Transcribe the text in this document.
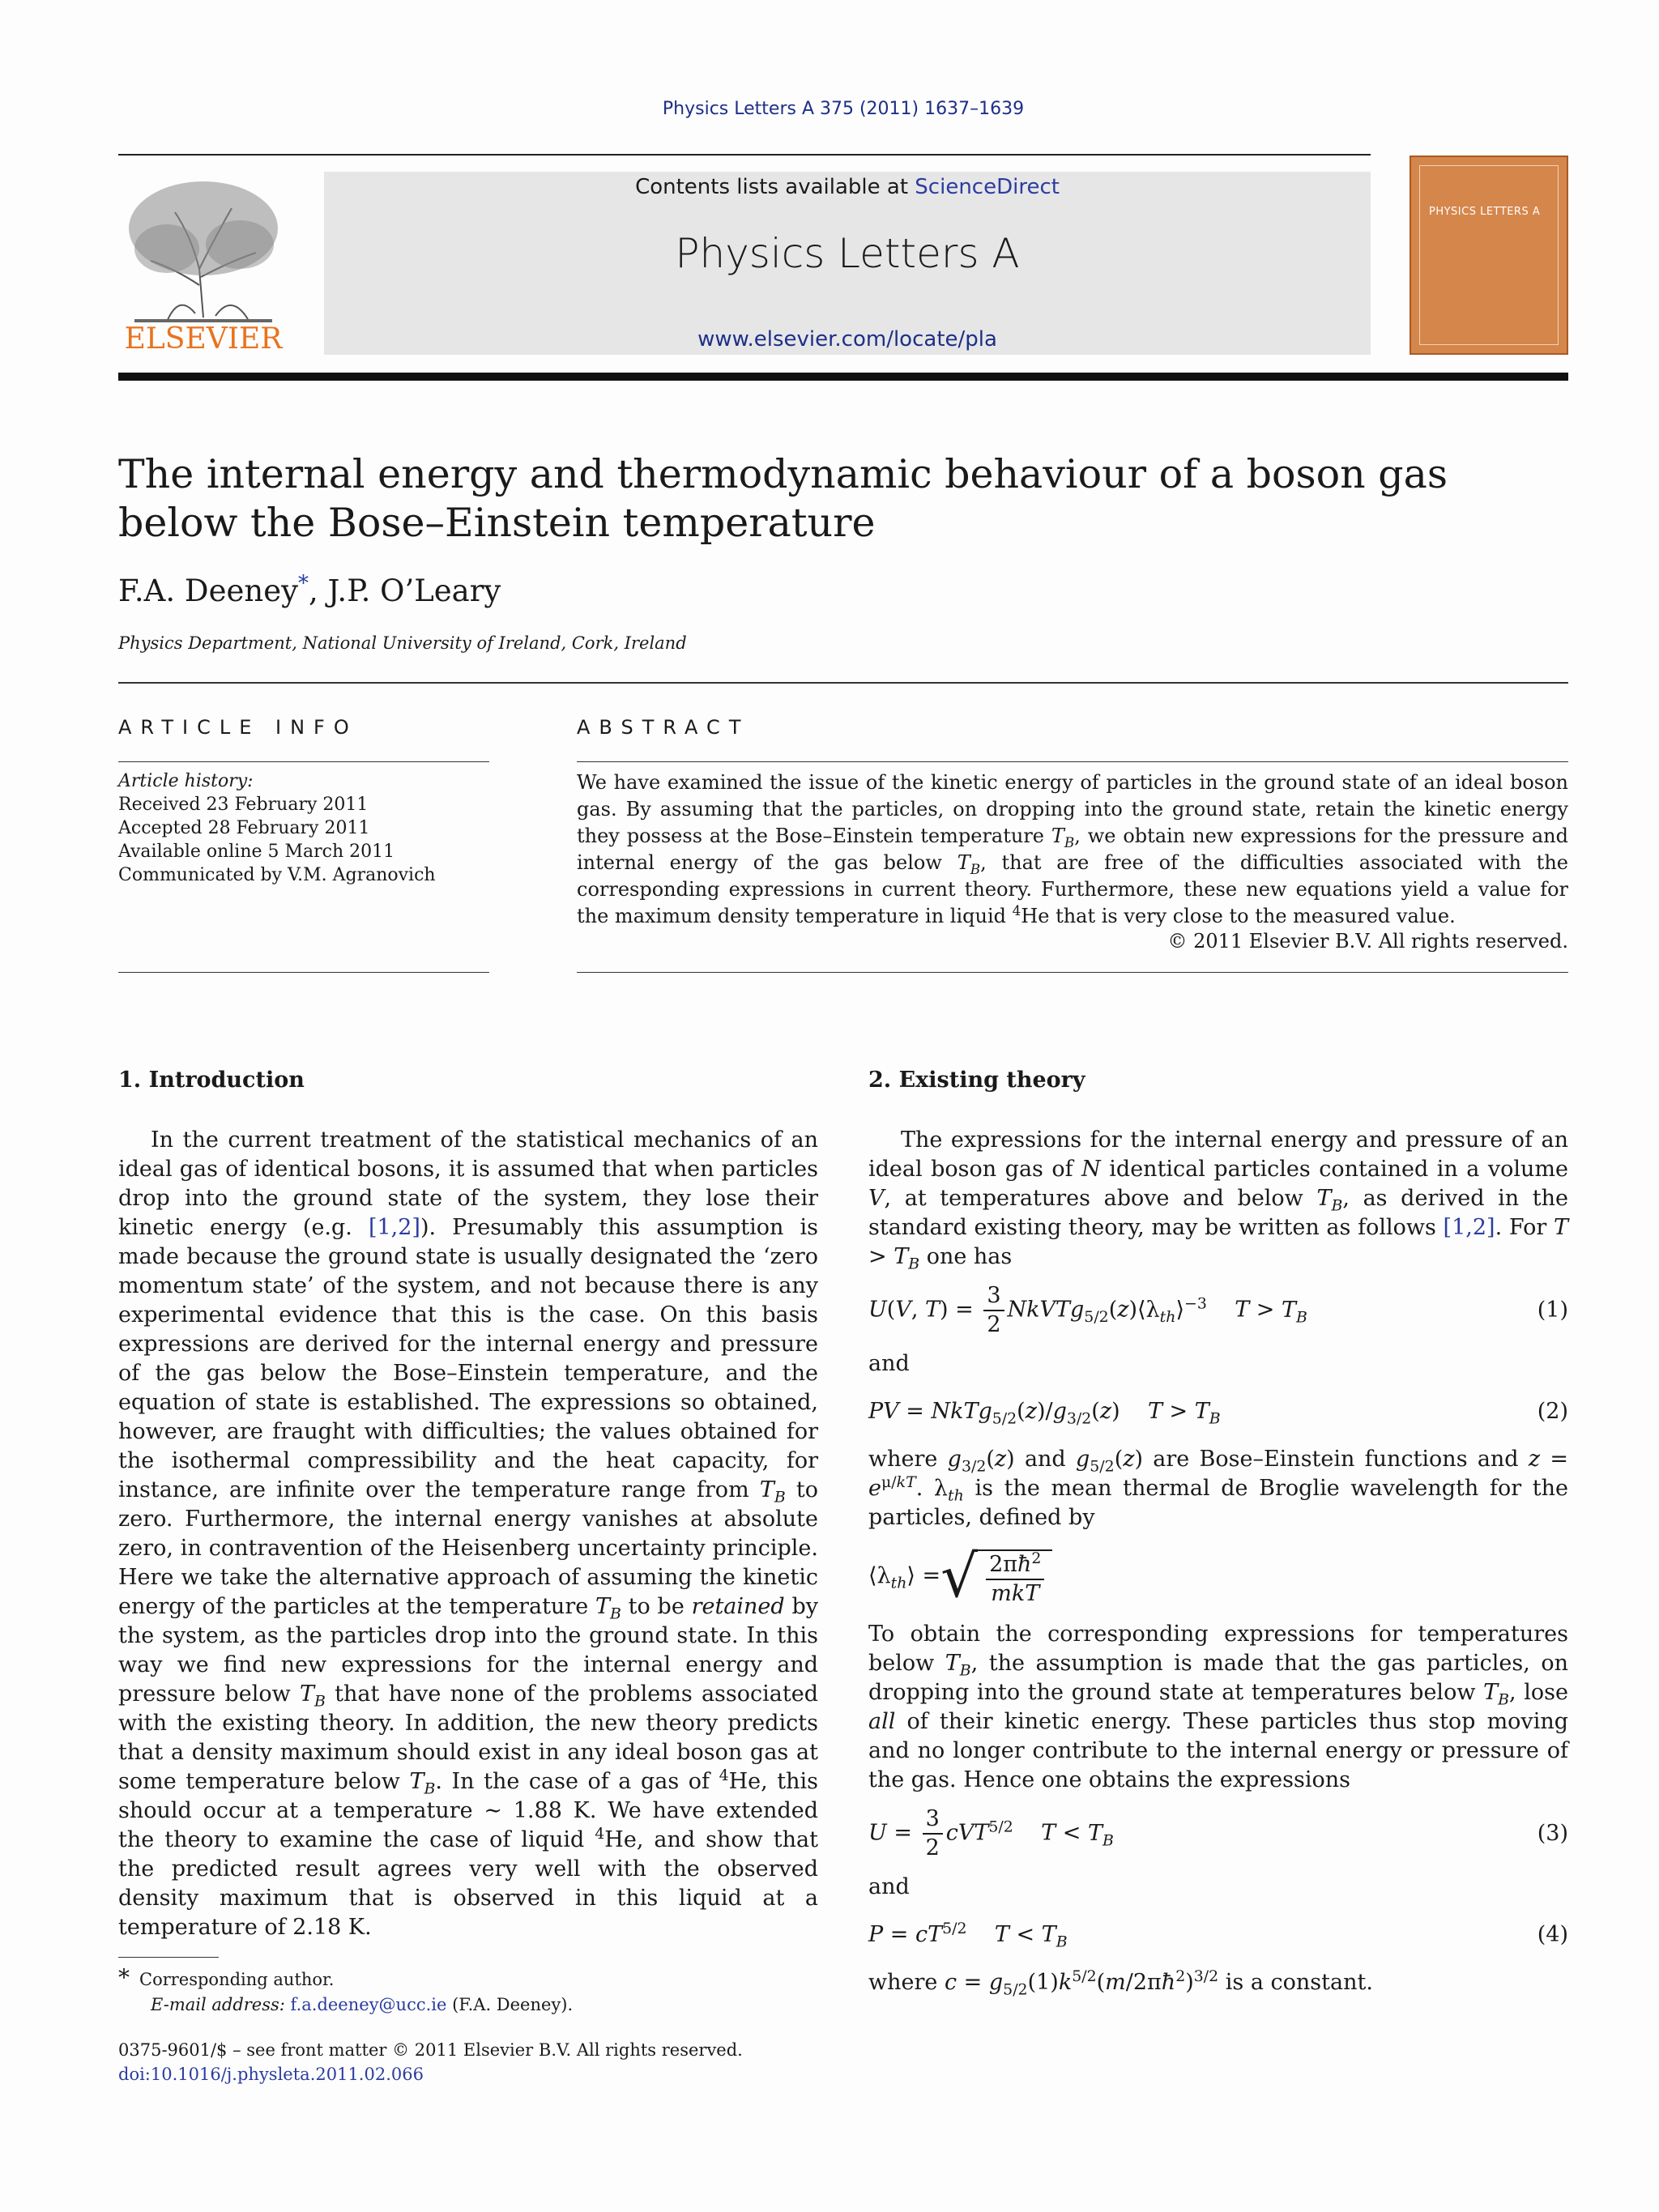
Physics Letters A 375 (2011) 1637–1639
ELSEVIER
Contents lists available at ScienceDirect
Physics Letters A
www.elsevier.com/locate/pla
PHYSICS LETTERS A
The internal energy and thermodynamic behaviour of a boson gas below the Bose–Einstein temperature
F.A. Deeney*, J.P. O’Leary
Physics Department, National University of Ireland, Cork, Ireland
ARTICLE INFO	ABSTRACT
Article history:
Received 23 February 2011
Accepted 28 February 2011
Available online 5 March 2011
Communicated by V.M. Agranovich
We have examined the issue of the kinetic energy of particles in the ground state of an ideal boson gas. By assuming that the particles, on dropping into the ground state, retain the kinetic energy they possess at the Bose–Einstein temperature $T_B$, we obtain new expressions for the pressure and internal energy of the gas below $T_B$, that are free of the difficulties associated with the corresponding expressions in current theory. Furthermore, these new equations yield a value for the maximum density temperature in liquid $^4$He that is very close to the measured value.
© 2011 Elsevier B.V. All rights reserved.
1. Introduction

In the current treatment of the statistical mechanics of an ideal gas of identical bosons, it is assumed that when particles drop into the ground state of the system, they lose their kinetic energy (e.g. [1,2]). Presumably this assumption is made because the ground state is usually designated the ‘zero momentum state’ of the system, and not because there is any experimental evidence that this is the case. On this basis expressions are derived for the internal energy and pressure of the gas below the Bose–Einstein temperature, and the equation of state is established. The expressions so obtained, however, are fraught with difficulties; the values obtained for the isothermal compressibility and the heat capacity, for instance, are infinite over the temperature range from $T_B$ to zero. Furthermore, the internal energy vanishes at absolute zero, in contravention of the Heisenberg uncertainty principle. Here we take the alternative approach of assuming the kinetic energy of the particles at the temperature $T_B$ to be retained by the system, as the particles drop into the ground state. In this way we find new expressions for the internal energy and pressure below $T_B$ that have none of the problems associated with the existing theory. In addition, the new theory predicts that a density maximum should exist in any ideal boson gas at some temperature below $T_B$. In the case of a gas of $^4$He, this should occur at a temperature ∼ 1.88 K. We have extended the theory to examine the case of liquid $^4$He, and show that the predicted result agrees very well with the observed density maximum that is observed in this liquid at a temperature of 2.18 K.

2. Existing theory

The expressions for the internal energy and pressure of an ideal boson gas of N identical particles contained in a volume V, at temperatures above and below $T_B$, as derived in the standard existing theory, may be written as follows [1,2]. For $T > T_B$ one has

U(V, $T) = \frac{3}{2}$ $NkVTg_{5/2}(z)⟨\lambda_{th}⟩^{-3}$ $T > T_B$	(1)
and
PV = $NkTg_{5/2}(z)/g_{3/2}(z)$    $T > T_B$	(2)

where $g_{3/2}(z)$ and $g_{5/2}(z)$ are Bose–Einstein functions and $z = e^{\mu/kT}$. $\lambda_{th}$ is the mean thermal de Broglie wavelength for the particles, defined by

$⟨\lambda_{th}⟩$ = √ $\frac{2\pi ħ^2}{\text{mkT}}$

To obtain the corresponding expressions for temperatures below $T_B$, the assumption is made that the gas particles, on dropping into the ground state at temperatures below $T_B$, lose all of their kinetic energy. These particles thus stop moving and no longer contribute to the internal energy or pressure of the gas. Hence one obtains the expressions

$U = \frac{3}{2} cVT^{5/2}$ $T < T_B$	(3)
and
$P = cT^{5/2}$ $T < T_B$	(4)

where $c = g_{5/2}(1)k^{5/2}(m/2\pi ħ^2)^{3/2}$ is a constant.

* Corresponding author.
E-mail address: f.a.deeney@ucc.ie (F.A. Deeney).
0375-9601/$ – see front matter © 2011 Elsevier B.V. All rights reserved.
doi:10.1016/j.physleta.2011.02.066
